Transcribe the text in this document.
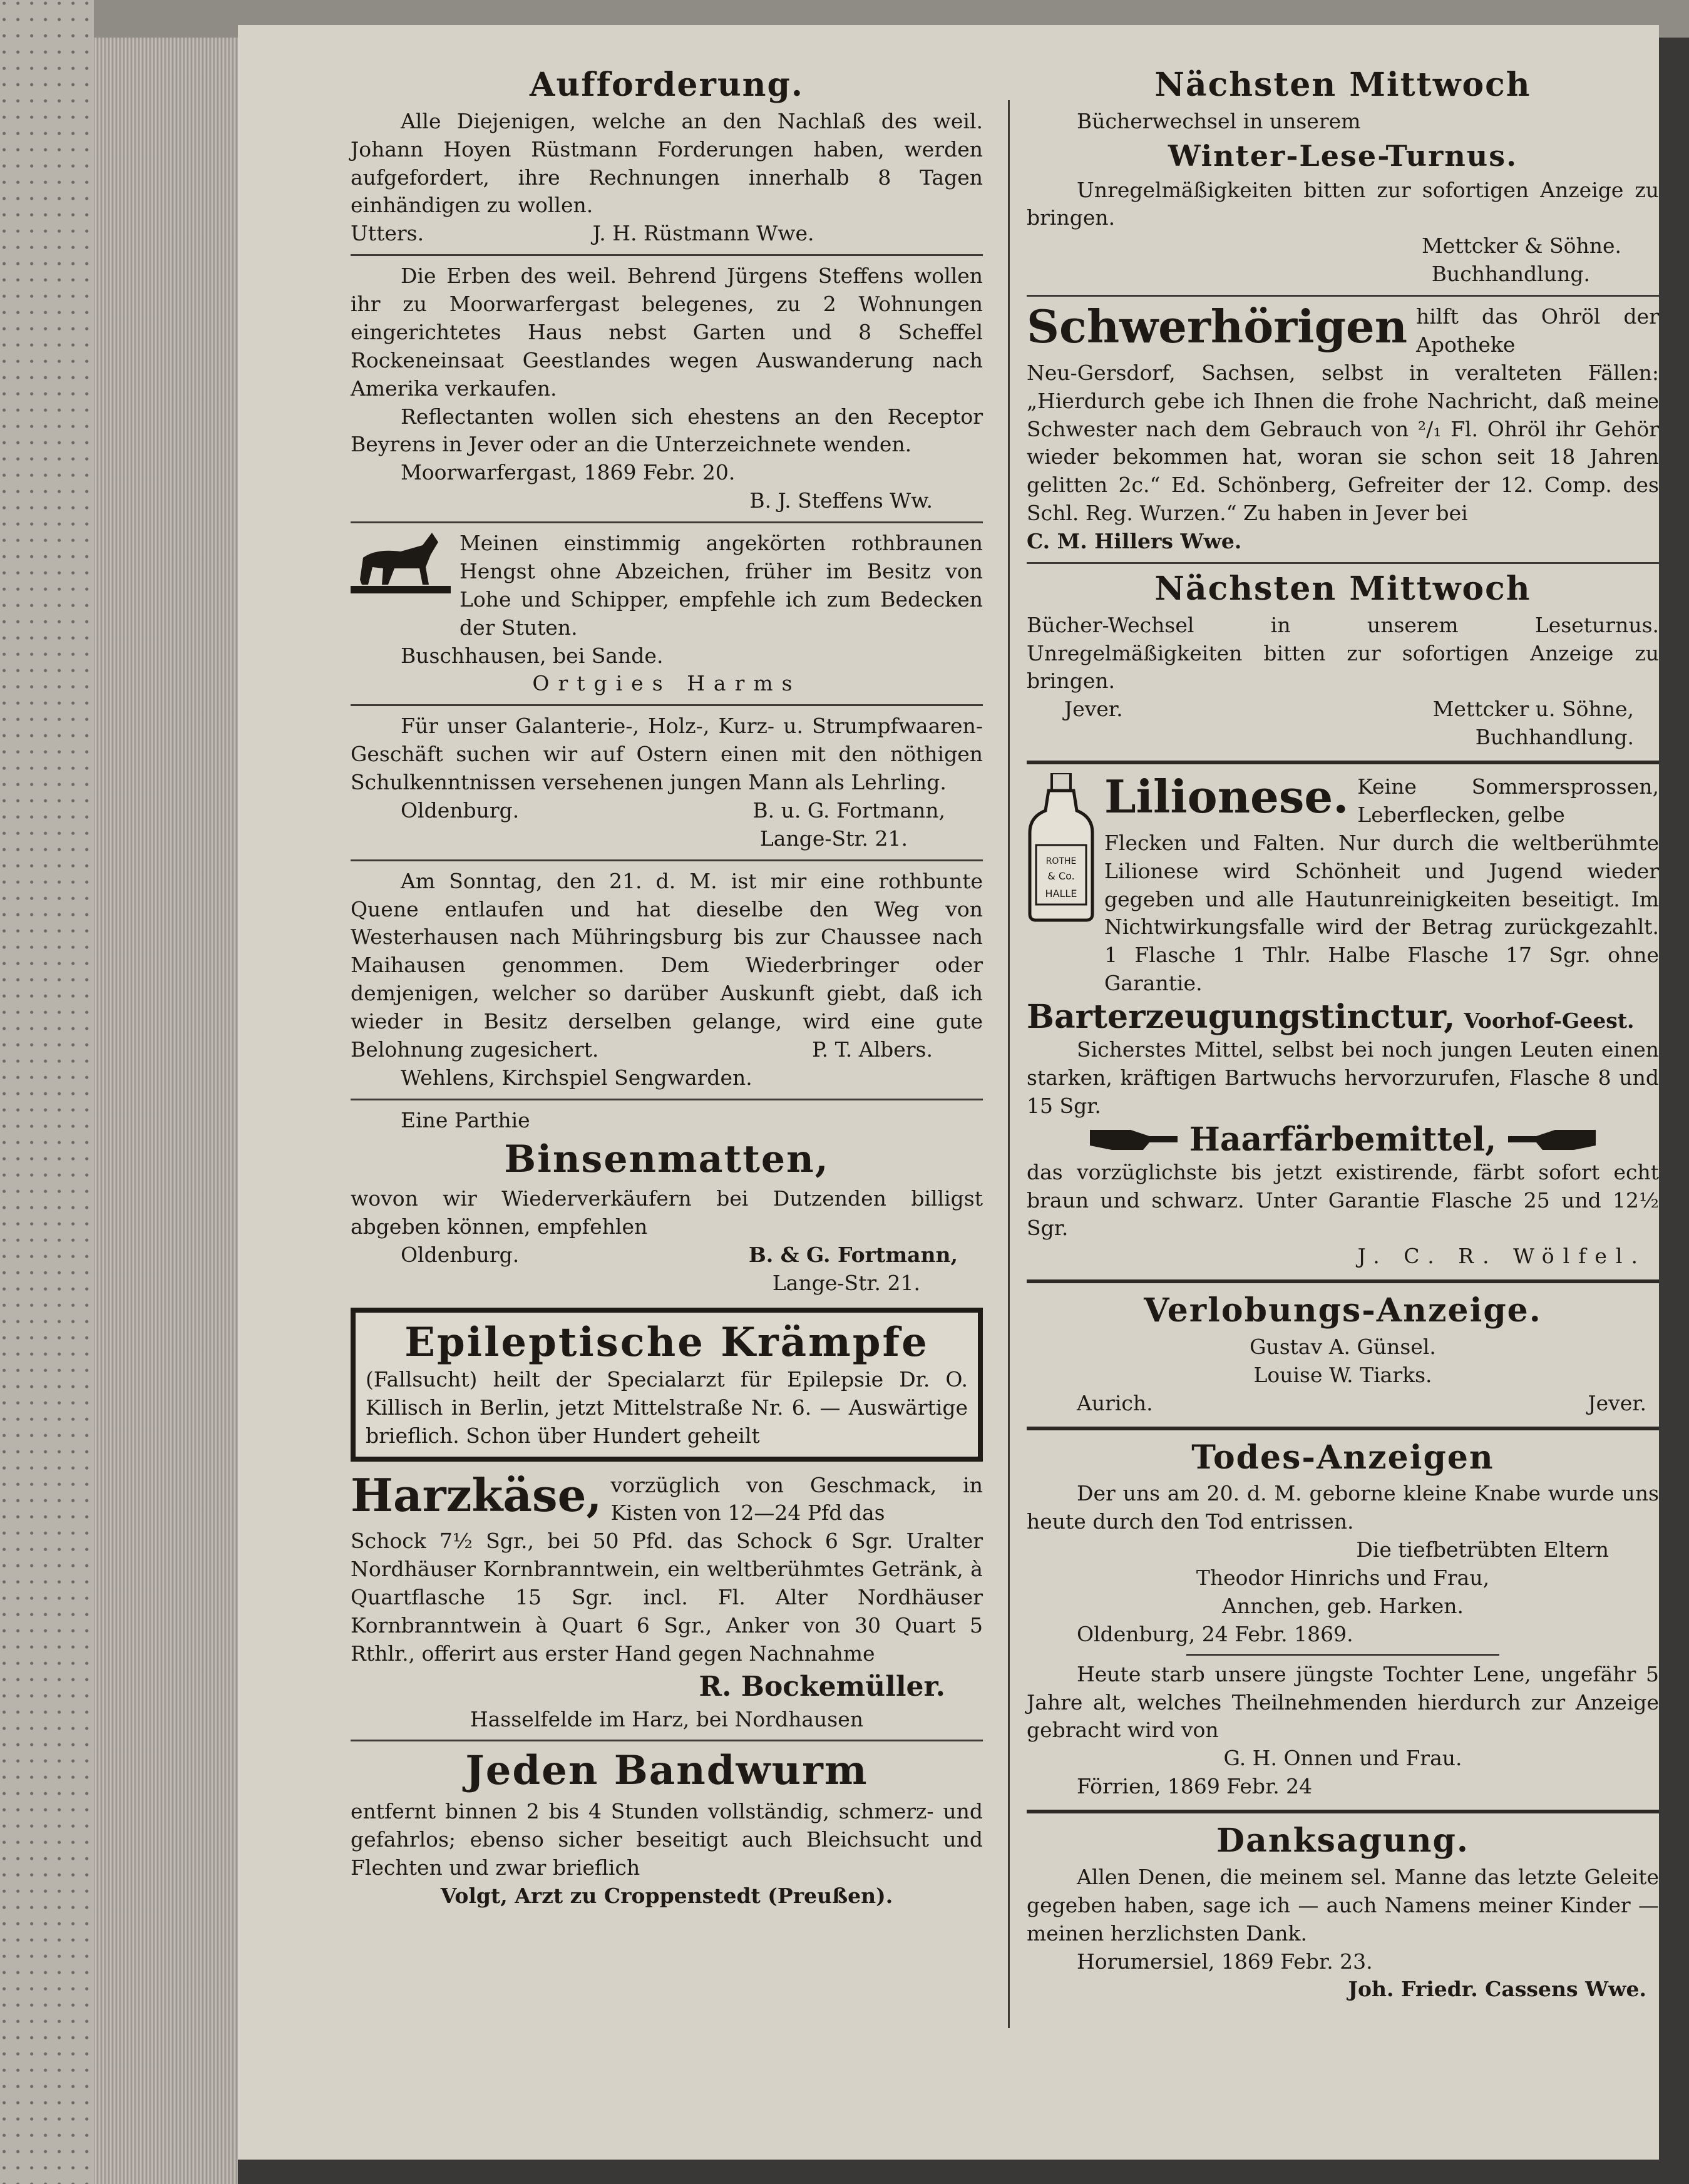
Aufforderung.

Alle Diejenigen, welche an den Nachlaß des weil. Johann Hoyen Rüstmann Forderungen haben, werden aufgefordert, ihre Rechnungen innerhalb 8 Tagen einhändigen zu wollen.

Utters.	J. H. Rüstmann Wwe.

Die Erben des weil. Behrend Jürgens Steffens wollen ihr zu Moorwarfergast belegenes, zu 2 Wohnungen eingerichtetes Haus nebst Garten und 8 Scheffel Rockeneinsaat Geestlandes wegen Auswanderung nach Amerika verkaufen.

Reflectanten wollen sich ehestens an den Receptor Beyrens in Jever oder an die Unterzeichnete wenden.

Moorwarfergast, 1869 Febr. 20.
B. J. Steffens Ww.

Meinen einstimmig angekörten rothbraunen Hengst ohne Abzeichen, früher im Besitz von Lohe und Schipper, empfehle ich zum Bedecken der Stuten.

Buschhausen, bei Sande.
Ortgies Harms

Für unser Galanterie-, Holz-, Kurz- u. Strumpfwaaren-Geschäft suchen wir auf Ostern einen mit den nöthigen Schulkenntnissen versehenen jungen Mann als Lehrling.

Oldenburg.	B. u. G. Fortmann,
Lange-Str. 21.

Am Sonntag, den 21. d. M. ist mir eine rothbunte Quene entlaufen und hat dieselbe den Weg von Westerhausen nach Mühringsburg bis zur Chaussee nach Maihausen genommen. Dem Wiederbringer oder demjenigen, welcher so darüber Auskunft giebt, daß ich wieder in Besitz derselben gelange, wird eine gute Belohnung zugesichert.	P. T. Albers.
Wehlens, Kirchspiel Sengwarden.
Eine Parthie
Binsenmatten,

wovon wir Wiederverkäufern bei Dutzenden billigst abgeben können, empfehlen

Oldenburg.	B. & G. Fortmann,
Lange-Str. 21.
Epileptische Krämpfe

(Fallsucht) heilt der Specialarzt für Epilepsie Dr. O. Killisch in Berlin, jetzt Mittelstraße Nr. 6. — Auswärtige brieflich. Schon über Hundert geheilt

Harzkäse, vorzüglich von Geschmack, in Kisten von 12—24 Pfd das

Schock 7½ Sgr., bei 50 Pfd. das Schock 6 Sgr. Uralter Nordhäuser Kornbranntwein, ein weltberühmtes Getränk, à Quartflasche 15 Sgr. incl. Fl. Alter Nordhäuser Kornbranntwein à Quart 6 Sgr., Anker von 30 Quart 5 Rthlr., offerirt aus erster Hand gegen Nachnahme

R. Bockemüller.
Hasselfelde im Harz, bei Nordhausen
Jeden Bandwurm

entfernt binnen 2 bis 4 Stunden vollständig, schmerz- und gefahrlos; ebenso sicher beseitigt auch Bleichsucht und Flechten und zwar brieflich

Volgt, Arzt zu Croppenstedt (Preußen).
Nächsten Mittwoch
Bücherwechsel in unserem
Winter-Lese-Turnus.

Unregelmäßigkeiten bitten zur sofortigen Anzeige zu bringen.

Mettcker & Söhne.
Buchhandlung.
Schwerhörigen hilft das Ohröl der Apotheke

Neu-Gersdorf, Sachsen, selbst in veralteten Fällen: „Hierdurch gebe ich Ihnen die frohe Nachricht, daß meine Schwester nach dem Gebrauch von ²/₁ Fl. Ohröl ihr Gehör wieder bekommen hat, woran sie schon seit 18 Jahren gelitten 2c.“ Ed. Schönberg, Gefreiter der 12. Comp. des Schl. Reg. Wurzen.“ Zu haben in Jever bei

C. M. Hillers Wwe.
Nächsten Mittwoch

Bücher-Wechsel in unserem Leseturnus. Unregelmäßigkeiten bitten zur sofortigen Anzeige zu bringen.

Jever.	Mettcker u. Söhne,
Buchhandlung.
ROTHE
& Co.
HALLE
Lilionese. Keine Sommersprossen, Leberflecken, gelbe

Flecken und Falten. Nur durch die weltberühmte Lilionese wird Schönheit und Jugend wieder gegeben und alle Hautunreinigkeiten beseitigt. Im Nichtwirkungsfalle wird der Betrag zurückgezahlt. 1 Flasche 1 Thlr. Halbe Flasche 17 Sgr. ohne Garantie.

Barterzeugungstinctur, Voorhof-Geest.

Sicherstes Mittel, selbst bei noch jungen Leuten einen starken, kräftigen Bartwuchs hervorzurufen, Flasche 8 und 15 Sgr.

Haarfärbemittel,

das vorzüglichste bis jetzt existirende, färbt sofort echt braun und schwarz. Unter Garantie Flasche 25 und 12½ Sgr.

J. C. R. Wölfel.
Verlobungs-Anzeige.
Gustav A. Günsel.
Louise W. Tiarks.
Aurich.	Jever.
Todes-Anzeigen

Der uns am 20. d. M. geborne kleine Knabe wurde uns heute durch den Tod entrissen.

Die tiefbetrübten Eltern
Theodor Hinrichs und Frau,
Annchen, geb. Harken.
Oldenburg, 24 Febr. 1869.

Heute starb unsere jüngste Tochter Lene, ungefähr 5 Jahre alt, welches Theilnehmenden hierdurch zur Anzeige gebracht wird von

G. H. Onnen und Frau.
Förrien, 1869 Febr. 24
Danksagung.

Allen Denen, die meinem sel. Manne das letzte Geleite gegeben haben, sage ich — auch Namens meiner Kinder — meinen herzlichsten Dank.

Horumersiel, 1869 Febr. 23.
Joh. Friedr. Cassens Wwe.
